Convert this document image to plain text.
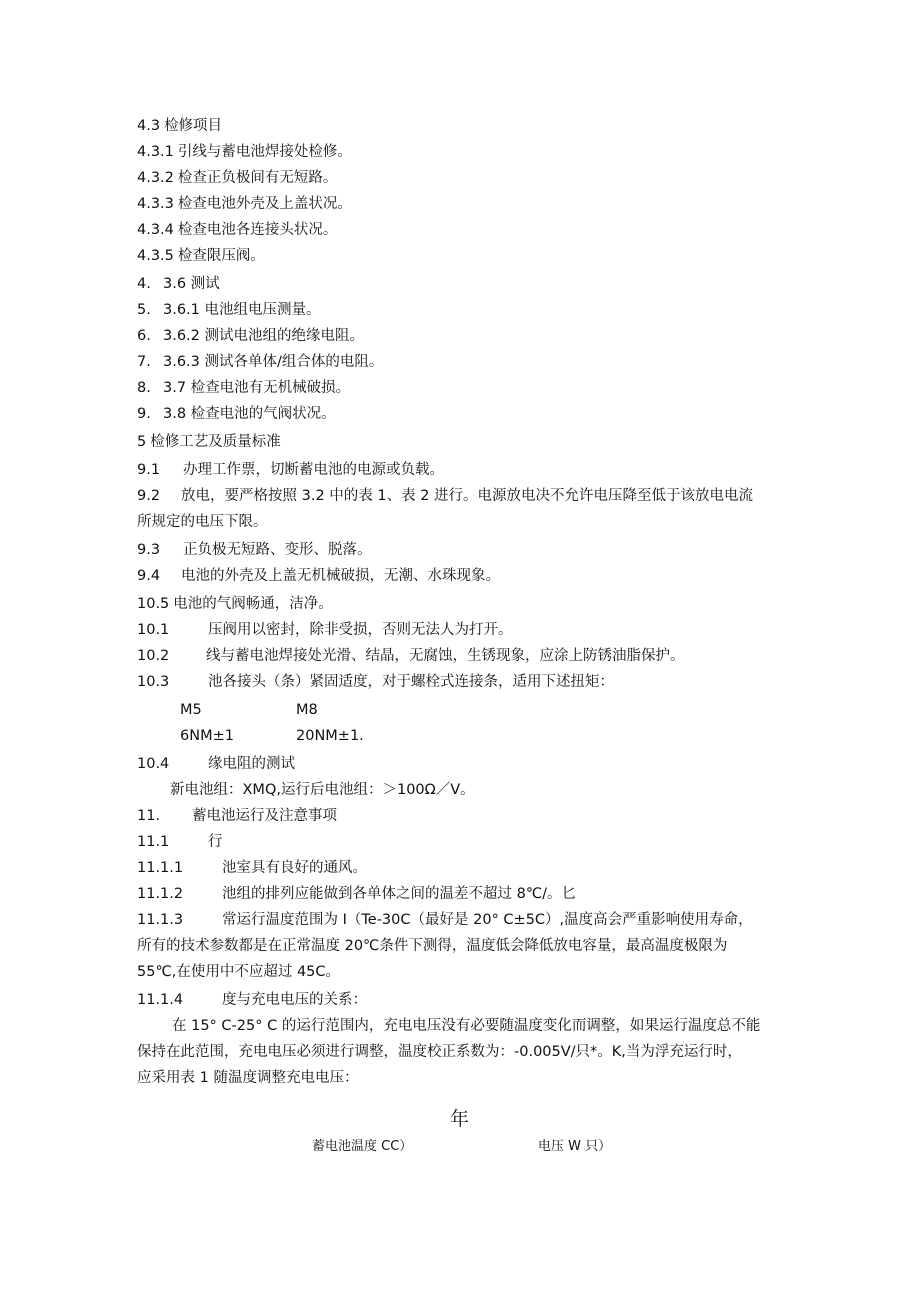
4.3 检修项目
4.3.1 引线与蓄电池焊接处检修。
4.3.2 检查正负极间有无短路。
4.3.3 检查电池外壳及上盖状况。
4.3.4 检查电池各连接头状况。
4.3.5 检查限压阀。
4. 3.6 测试
5. 3.6.1 电池组电压测量。
6. 3.6.2 测试电池组的绝缘电阻。
7. 3.6.3 测试各单体/组合体的电阻。
8. 3.7 检查电池有无机械破损。
9. 3.8 检查电池的气阀状况。
5 检修工艺及质量标准
9.1 办理工作票，切断蓄电池的电源或负载。
9.2 放电，要严格按照 3.2 中的表 1、表 2 进行。电源放电决不允许电压降至低于该放电电流
所规定的电压下限。
9.3 正负极无短路、变形、脱落。
9.4 电池的外壳及上盖无机械破损，无潮、水珠现象。
10.5 电池的气阀畅通，洁净。
10.1	压阀用以密封，除非受损，否则无法人为打开。
10.2	线与蓄电池焊接处光滑、结晶，无腐蚀，生锈现象，应涂上防锈油脂保护。
10.3	池各接头（条）紧固适度，对于螺栓式连接条，适用下述扭矩：
M5	M8
6NM±1	20NM±1.
10.4	缘电阻的测试
新电池组：XMQ,运行后电池组：＞100Ω／V。
11. 蓄电池运行及注意事项
11.1	行
11.1.1	池室具有良好的通风。
11.1.2	池组的排列应能做到各单体之间的温差不超过 8℃/。匕
11.1.3	常运行温度范围为 I（Te-30C（最好是 20° C±5C）,温度高会严重影响使用寿命，
所有的技术参数都是在正常温度 20℃条件下测得，温度低会降低放电容量，最高温度极限为
55℃,在使用中不应超过 45C。
11.1.4	度与充电电压的关系：
在 15° C-25° C 的运行范围内，充电电压没有必要随温度变化而调整，如果运行温度总不能
保持在此范围，充电电压必须进行调整，温度校正系数为：-0.005V/只*。K,当为浮充运行时，
应采用表 1 随温度调整充电电压：
年
蓄电池温度 CC）	电压 W 只）
